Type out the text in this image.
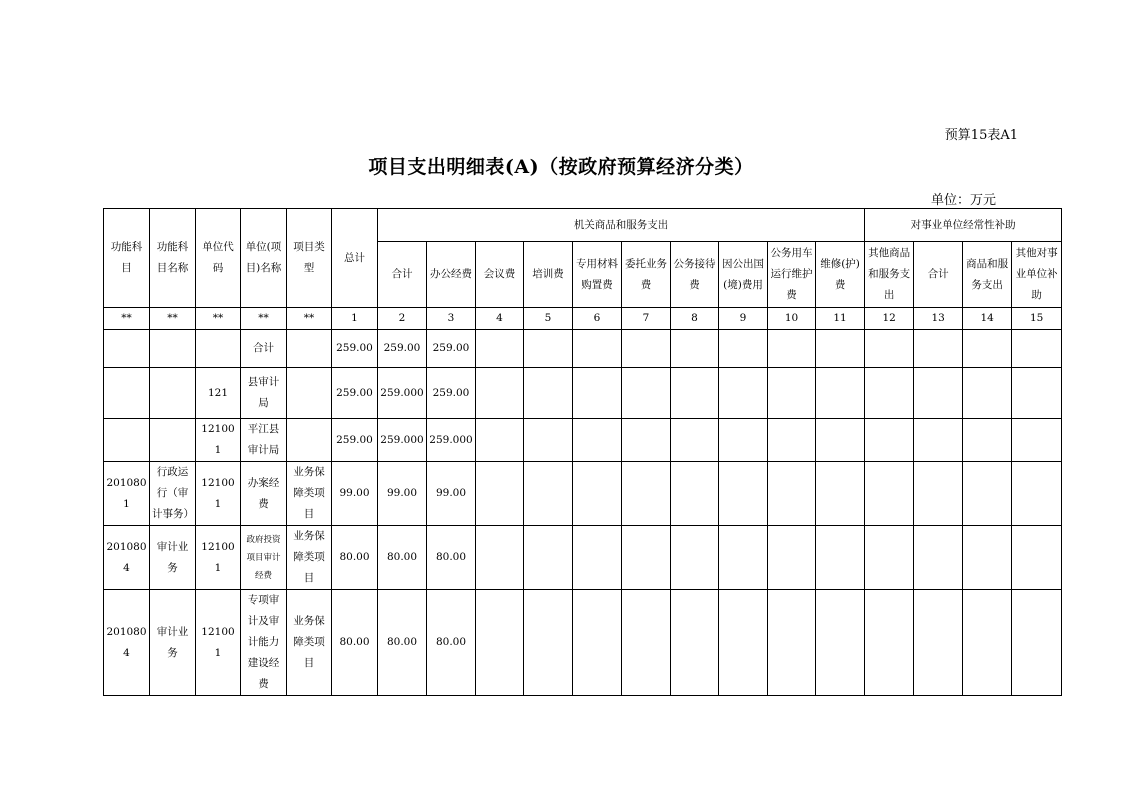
预算15表A1
项目支出明细表(A)（按政府预算经济分类）
单位：万元
功能科目	功能科目名称	单位代码	单位(项目)名称	项目类型	总计	机关商品和服务支出										对事业单位经常性补助			
						合计	办公经费	会议费	培训费	专用材料购置费	委托业务费	公务接待费	因公出国(境)费用	公务用车运行维护费	维修(护)费	其他商品和服务支出	合计	商品和服务支出	其他对事业单位补助
**	**	**	**	**	1	2	3	4	5	6	7	8	9	10	11	12	13	14	15
			合计		259.00	259.00	259.00												
		121	县审计局		259.00	259.000	259.00												
		121001	平江县审计局		259.00	259.000	259.000												
2010801	行政运行（审计事务）	121001	办案经费	业务保障类项目	99.00	99.00	99.00												
2010804	审计业务	121001	政府投资项目审计经费	业务保障类项目	80.00	80.00	80.00												
2010804	审计业务	121001	专项审计及审计能力建设经费	业务保障类项目	80.00	80.00	80.00												
